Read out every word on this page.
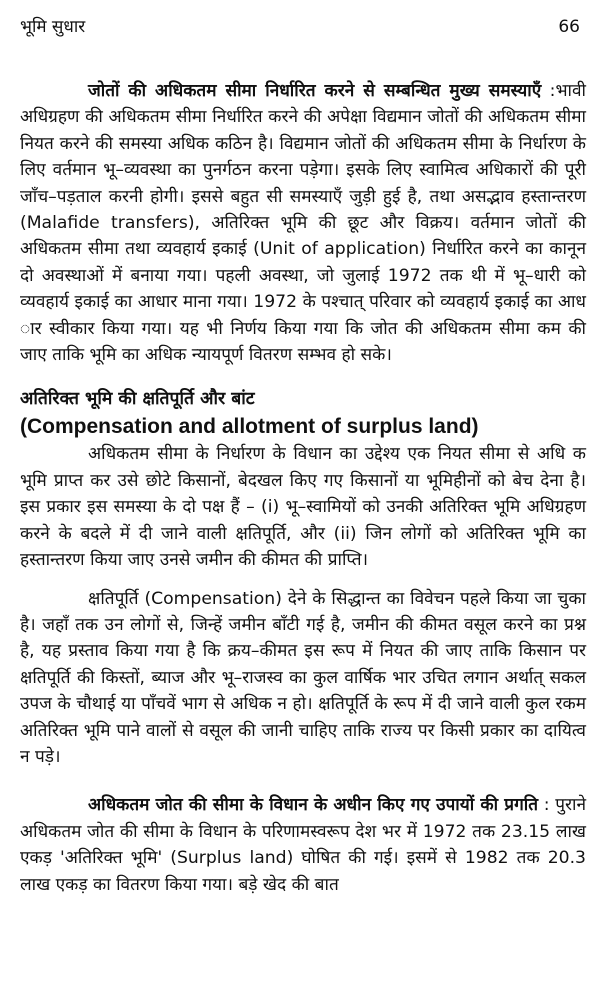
भूमि सुधार	66

जोतों की अधिकतम सीमा निर्धारित करने से सम्बन्धित मुख्य समस्याएँ :भावी अधिग्रहण की अधिकतम सीमा निर्धारित करने की अपेक्षा विद्यमान जोतों की अधिकतम सीमा नियत करने की समस्या अधिक कठिन है। विद्यमान जोतों की अधिकतम सीमा के निर्धारण के लिए वर्तमान भू–व्यवस्था का पुनर्गठन करना पड़ेगा। इसके लिए स्वामित्व अधिकारों की पूरी जाँच–पड़ताल करनी होगी। इससे बहुत सी समस्याएँ जुड़ी हुई है, तथा असद्भाव हस्तान्तरण (Malafide transfers), अतिरिक्त भूमि की छूट और विक्रय। वर्तमान जोतों की अधिकतम सीमा तथा व्यवहार्य इकाई (Unit of application) निर्धारित करने का कानून दो अवस्थाओं में बनाया गया। पहली अवस्था, जो जुलाई 1972 तक थी में भू–धारी को व्यवहार्य इकाई का आधार माना गया। 1972 के पश्चात् परिवार को व्यवहार्य इकाई का आध ार स्वीकार किया गया। यह भी निर्णय किया गया कि जोत की अधिकतम सीमा कम की जाए ताकि भूमि का अधिक न्यायपूर्ण वितरण सम्भव हो सके।

अतिरिक्त भूमि की क्षतिपूर्ति और बांट
(Compensation and allotment of surplus land)

अधिकतम सीमा के निर्धारण के विधान का उद्देश्य एक नियत सीमा से अधि क भूमि प्राप्त कर उसे छोटे किसानों, बेदखल किए गए किसानों या भूमिहीनों को बेच देना है। इस प्रकार इस समस्या के दो पक्ष हैं – (i) भू–स्वामियों को उनकी अतिरिक्त भूमि अधिग्रहण करने के बदले में दी जाने वाली क्षतिपूर्ति, और (ii) जिन लोगों को अतिरिक्त भूमि का हस्तान्तरण किया जाए उनसे जमीन की कीमत की प्राप्ति।

क्षतिपूर्ति (Compensation) देने के सिद्धान्त का विवेचन पहले किया जा चुका है। जहाँ तक उन लोगों से, जिन्हें जमीन बाँटी गई है, जमीन की कीमत वसूल करने का प्रश्न है, यह प्रस्ताव किया गया है कि क्रय–कीमत इस रूप में नियत की जाए ताकि किसान पर क्षतिपूर्ति की किस्तों, ब्याज और भू–राजस्व का कुल वार्षिक भार उचित लगान अर्थात् सकल उपज के चौथाई या पाँचवें भाग से अधिक न हो। क्षतिपूर्ति के रूप में दी जाने वाली कुल रकम अतिरिक्त भूमि पाने वालों से वसूल की जानी चाहिए ताकि राज्य पर किसी प्रकार का दायित्व न पड़े।

अधिकतम जोत की सीमा के विधान के अधीन किए गए उपायों की प्रगति : पुराने अधिकतम जोत की सीमा के विधान के परिणामस्वरूप देश भर में 1972 तक 23.15 लाख एकड़ 'अतिरिक्त भूमि' (Surplus land) घोषित की गई। इसमें से 1982 तक 20.3 लाख एकड़ का वितरण किया गया। बड़े खेद की बात
